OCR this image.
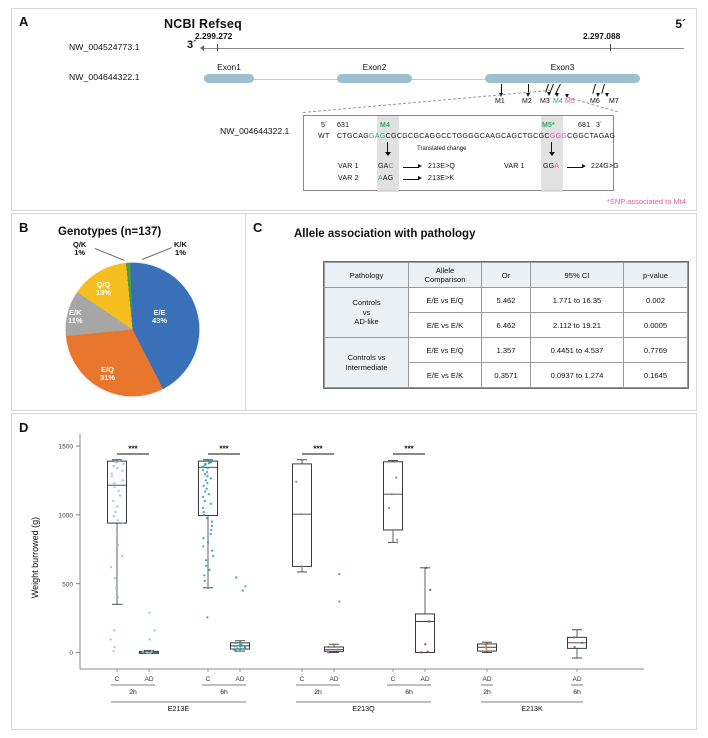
A	NCBI Refseq	5´
NW_004524773.1
NW_004644322.1
2.299.272	2.297.088
3´
Exon1	Exon2	Exon3
M1 M2 M3 M4 M5 M6 M7
NW_004644322.1
5´ 631	M4	M5*	681 3´
WT CTGCAGGAGCGCGCGCAGGCCTGGGGCAAGCAGCTGCGCGGGCGGCTAGAG
Translated change
VAR 1	GAC	213E>Q
VAR 2	AAG	213E>K
VAR 1	GGA	224G>G
*SNP associated to Mt4
B	Genotypes (n=137)
E/E
43%
E/Q
31%
E/K
11%
Q/Q
13%
Q/K
1%
K/K
1%
C	Allele association with pathology
Pathology	Allele
Comparison	Or	95% CI	p-value
Controls
vs
AD-like	E/E vs E/Q	5.462	1.771 to 16.35	0.002
	E/E vs E/K	6.462	2.112 to 19.21	0.0005
Controls vs
Intermediate	E/E vs E/Q	1.357	0.4451 to 4.537	0.7769
	E/E vs E/K	0.3571	0.0937 to 1.274	0.1645
D
0
500
1000
1500
Weight burrowed (g)
***	***	***	***
C	AD	C	AD	C	AD	C	AD	AD	AD
2h	6h	2h	6h	2h	6h
E213E	E213Q	E213K
